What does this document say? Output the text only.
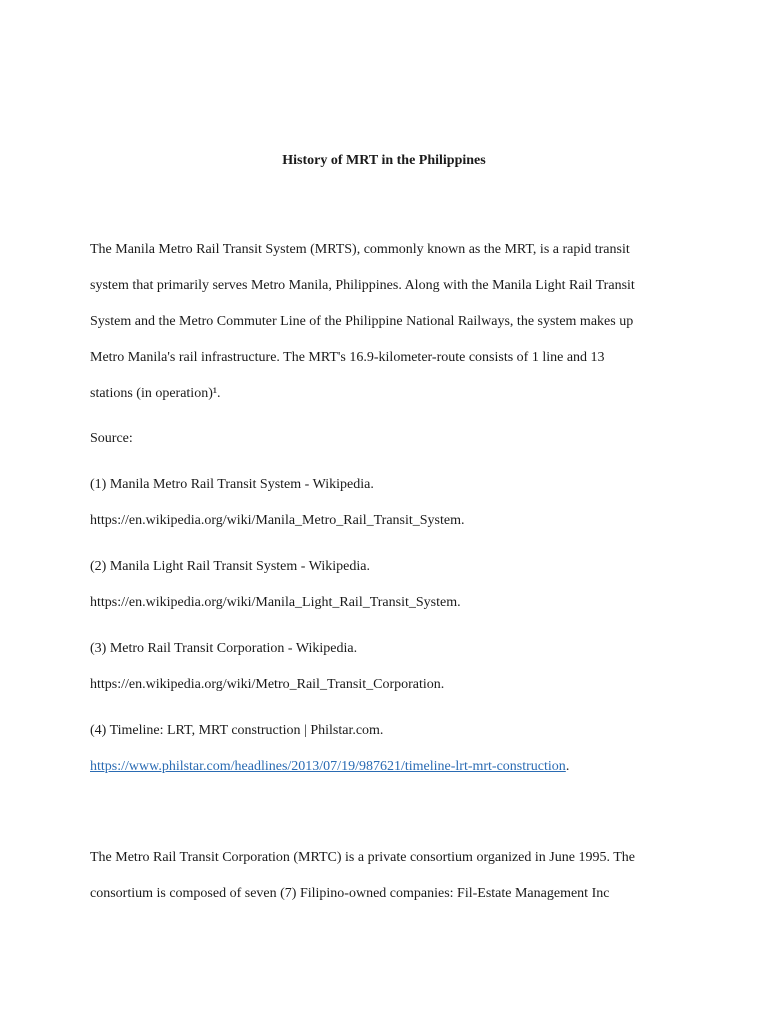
History of MRT in the Philippines
The Manila Metro Rail Transit System (MRTS), commonly known as the MRT, is a rapid transit
system that primarily serves Metro Manila, Philippines. Along with the Manila Light Rail Transit
System and the Metro Commuter Line of the Philippine National Railways, the system makes up
Metro Manila's rail infrastructure. The MRT's 16.9-kilometer-route consists of 1 line and 13
stations (in operation)¹.
Source:
(1) Manila Metro Rail Transit System - Wikipedia.
https://en.wikipedia.org/wiki/Manila_Metro_Rail_Transit_System.
(2) Manila Light Rail Transit System - Wikipedia.
https://en.wikipedia.org/wiki/Manila_Light_Rail_Transit_System.
(3) Metro Rail Transit Corporation - Wikipedia.
https://en.wikipedia.org/wiki/Metro_Rail_Transit_Corporation.
(4) Timeline: LRT, MRT construction | Philstar.com.
https://www.philstar.com/headlines/2013/07/19/987621/timeline-lrt-mrt-construction.
The Metro Rail Transit Corporation (MRTC) is a private consortium organized in June 1995. The
consortium is composed of seven (7) Filipino-owned companies: Fil-Estate Management Inc
